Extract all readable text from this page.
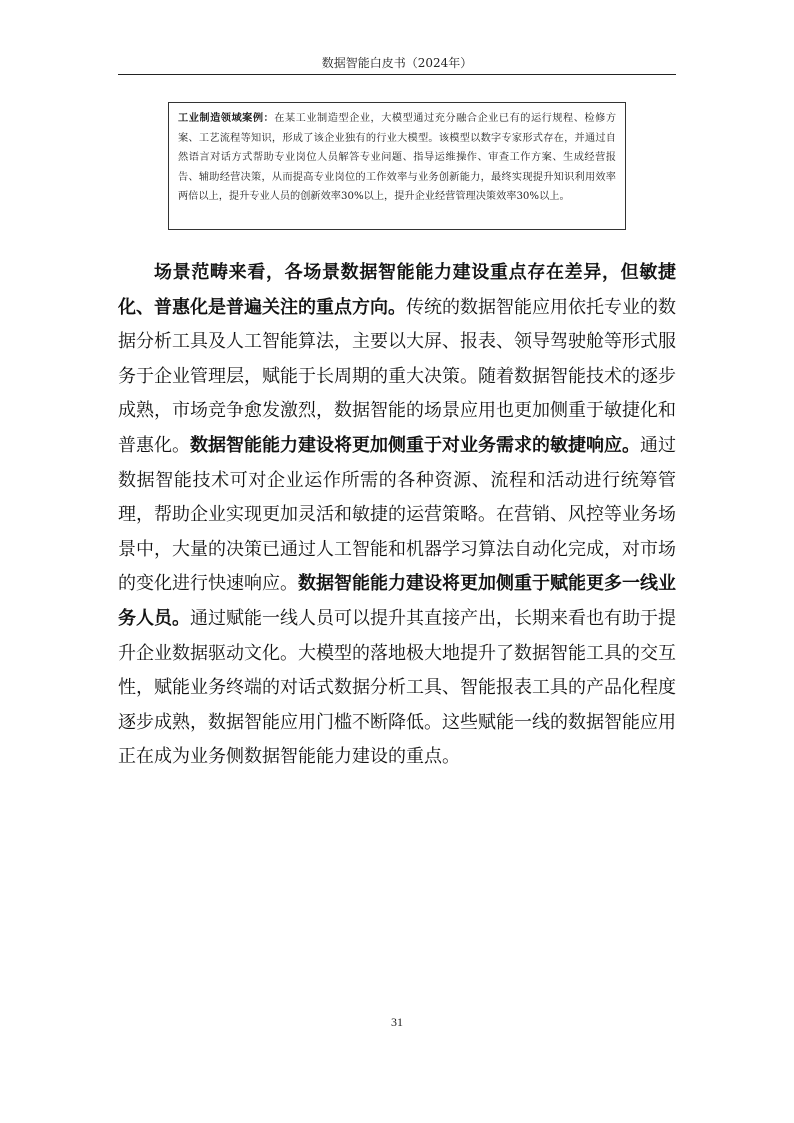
数据智能白皮书（2024年）
工业制造领域案例：在某工业制造型企业，大模型通过充分融合企业已有的运行规程、检修方案、工艺流程等知识，形成了该企业独有的行业大模型。该模型以数字专家形式存在，并通过自然语言对话方式帮助专业岗位人员解答专业问题、指导运维操作、审查工作方案、生成经营报告、辅助经营决策，从而提高专业岗位的工作效率与业务创新能力，最终实现提升知识利用效率两倍以上，提升专业人员的创新效率30%以上，提升企业经营管理决策效率30%以上。

场景范畴来看，各场景数据智能能力建设重点存在差异，但敏捷化、普惠化是普遍关注的重点方向。传统的数据智能应用依托专业的数据分析工具及人工智能算法，主要以大屏、报表、领导驾驶舱等形式服务于企业管理层，赋能于长周期的重大决策。随着数据智能技术的逐步成熟，市场竞争愈发激烈，数据智能的场景应用也更加侧重于敏捷化和普惠化。数据智能能力建设将更加侧重于对业务需求的敏捷响应。通过数据智能技术可对企业运作所需的各种资源、流程和活动进行统筹管理，帮助企业实现更加灵活和敏捷的运营策略。在营销、风控等业务场景中，大量的决策已通过人工智能和机器学习算法自动化完成，对市场的变化进行快速响应。数据智能能力建设将更加侧重于赋能更多一线业务人员。通过赋能一线人员可以提升其直接产出，长期来看也有助于提升企业数据驱动文化。大模型的落地极大地提升了数据智能工具的交互性，赋能业务终端的对话式数据分析工具、智能报表工具的产品化程度逐步成熟，数据智能应用门槛不断降低。这些赋能一线的数据智能应用正在成为业务侧数据智能能力建设的重点。

31
